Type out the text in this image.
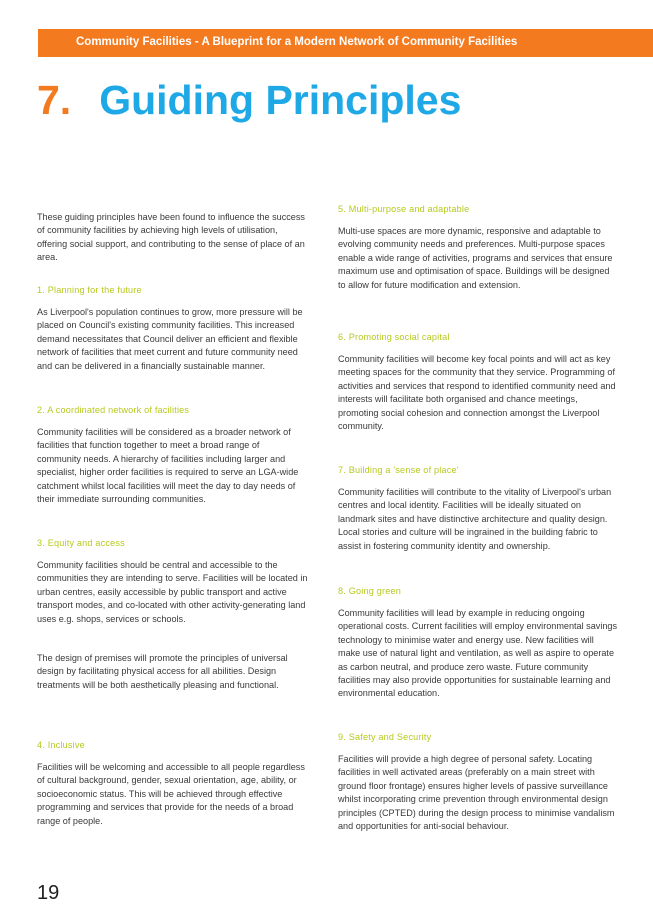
Community Facilities - A Blueprint for a Modern Network of Community Facilities
7. Guiding Principles

These guiding principles have been found to influence the success of community facilities by achieving high levels of utilisation, offering social support, and contributing to the sense of place of an area.

1. Planning for the future

As Liverpool's population continues to grow, more pressure will be placed on Council's existing community facilities. This increased demand necessitates that Council deliver an efficient and flexible network of facilities that meet current and future community need and can be delivered in a financially sustainable manner.

2. A coordinated network of facilities

Community facilities will be considered as a broader network of facilities that function together to meet a broad range of community needs. A hierarchy of facilities including larger and specialist, higher order facilities is required to serve an LGA-wide catchment whilst local facilities will meet the day to day needs of their immediate surrounding communities.

3. Equity and access

Community facilities should be central and accessible to the communities they are intending to serve. Facilities will be located in urban centres, easily accessible by public transport and active transport modes, and co-located with other activity-generating land uses e.g. shops, services or schools.

The design of premises will promote the principles of universal design by facilitating physical access for all abilities. Design treatments will be both aesthetically pleasing and functional.

4. Inclusive

Facilities will be welcoming and accessible to all people regardless of cultural background, gender, sexual orientation, age, ability, or socioeconomic status. This will be achieved through effective programming and services that provide for the needs of a broad range of people.

5. Multi-purpose and adaptable

Multi-use spaces are more dynamic, responsive and adaptable to evolving community needs and preferences. Multi-purpose spaces enable a wide range of activities, programs and services that ensure maximum use and optimisation of space. Buildings will be designed to allow for future modification and extension.

6. Promoting social capital

Community facilities will become key focal points and will act as key meeting spaces for the community that they service. Programming of activities and services that respond to identified community need and interests will facilitate both organised and chance meetings, promoting social cohesion and connection amongst the Liverpool community.

7. Building a 'sense of place'

Community facilities will contribute to the vitality of Liverpool's urban centres and local identity. Facilities will be ideally situated on landmark sites and have distinctive architecture and quality design. Local stories and culture will be ingrained in the building fabric to assist in fostering community identity and ownership.

8. Going green

Community facilities will lead by example in reducing ongoing operational costs. Current facilities will employ environmental savings technology to minimise water and energy use. New facilities will make use of natural light and ventilation, as well as aspire to operate as carbon neutral, and produce zero waste. Future community facilities may also provide opportunities for sustainable learning and environmental education.

9. Safety and Security

Facilities will provide a high degree of personal safety. Locating facilities in well activated areas (preferably on a main street with ground floor frontage) ensures higher levels of passive surveillance whilst incorporating crime prevention through environmental design principles (CPTED) during the design process to minimise vandalism and opportunities for anti-social behaviour.

19
